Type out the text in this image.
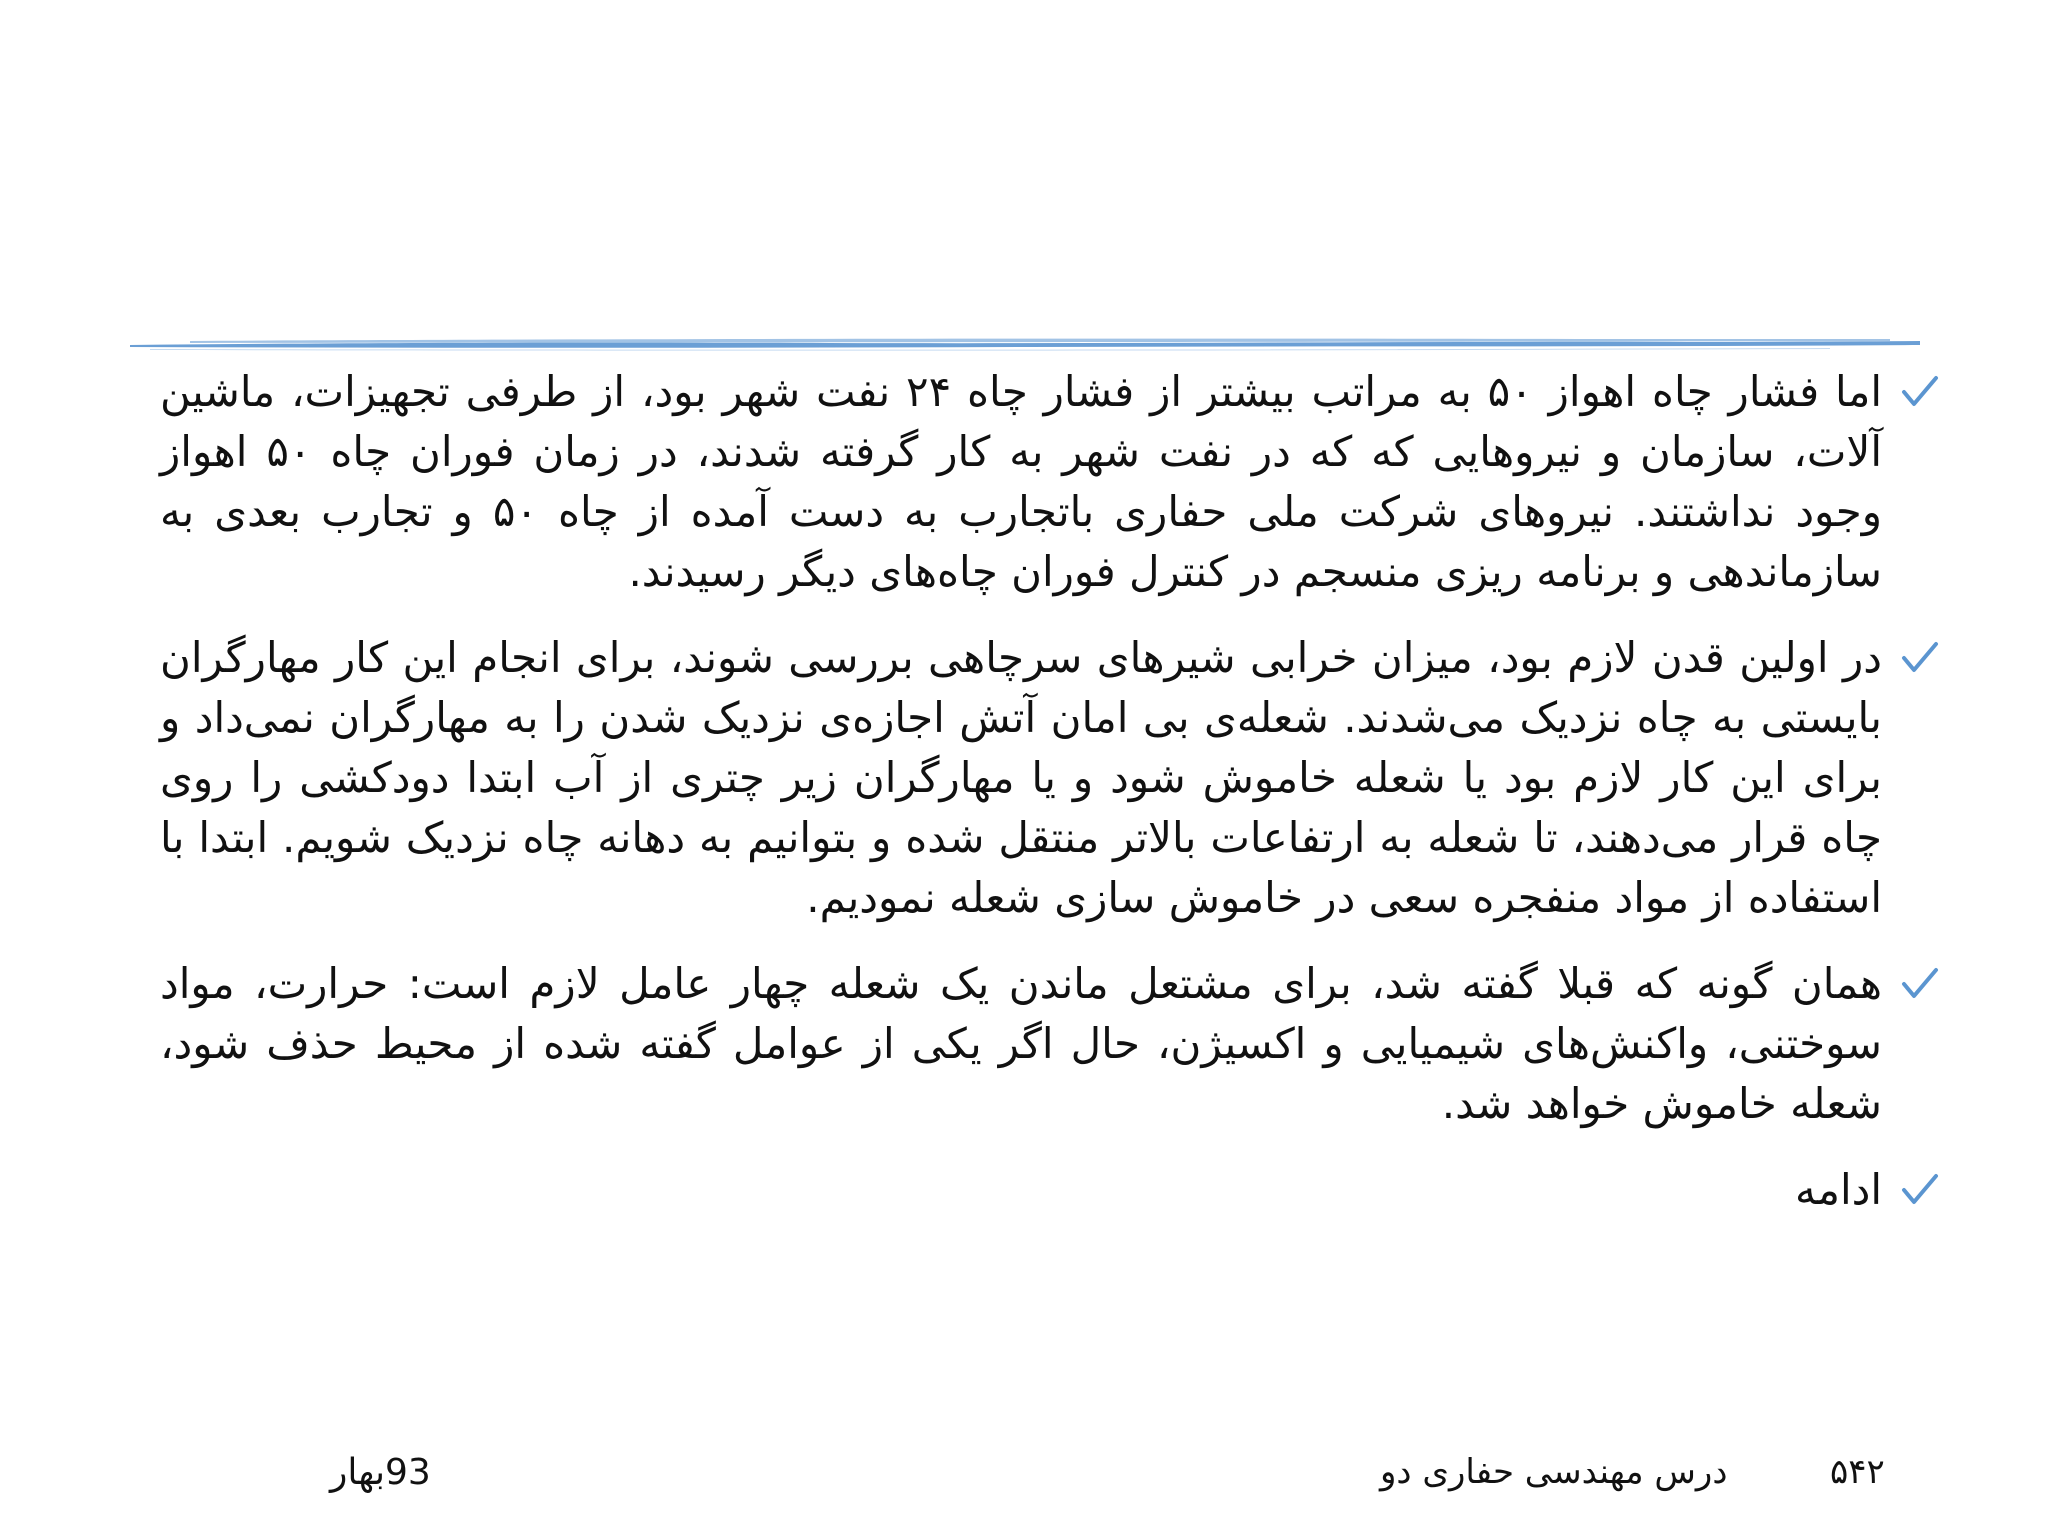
اما فشار چاه اهواز ۵۰ به مراتب بیشتر از فشار چاه ۲۴ نفت شهر بود، از طرفی تجهیزات، ماشین آلات، سازمان و نیروهایی که که در نفت شهر به کار گرفته شدند، در زمان فوران چاه ۵۰ اهواز وجود نداشتند. نیروهای شرکت ملی حفاری باتجارب به دست آمده از چاه ۵۰ و تجارب بعدی به سازماندهی و برنامه ریزی منسجم در کنترل فوران چاه‌های دیگر رسیدند.
در اولین قدن لازم بود، میزان خرابی شیرهای سرچاهی بررسی شوند، برای انجام این کار مهارگران بایستی به چاه نزدیک می‌شدند. شعله‌ی بی امان آتش اجازه‌ی نزدیک شدن را به مهارگران نمی‌داد و برای این کار لازم بود یا شعله خاموش شود و یا مهارگران زیر چتری از آب ابتدا دودکشی را روی چاه قرار می‌دهند، تا شعله به ارتفاعات بالاتر منتقل شده و بتوانیم به دهانه چاه نزدیک شویم. ابتدا با استفاده از مواد منفجره سعی در خاموش سازی شعله نمودیم.
همان گونه که قبلا گفته شد، برای مشتعل ماندن یک شعله چهار عامل لازم است: حرارت، مواد سوختنی، واکنش‌های شیمیایی و اکسیژن، حال اگر یکی از عوامل گفته شده از محیط حذف شود، شعله خاموش خواهد شد.
ادامه
93بهار	درس مهندسی حفاری دو	۵۴۲
